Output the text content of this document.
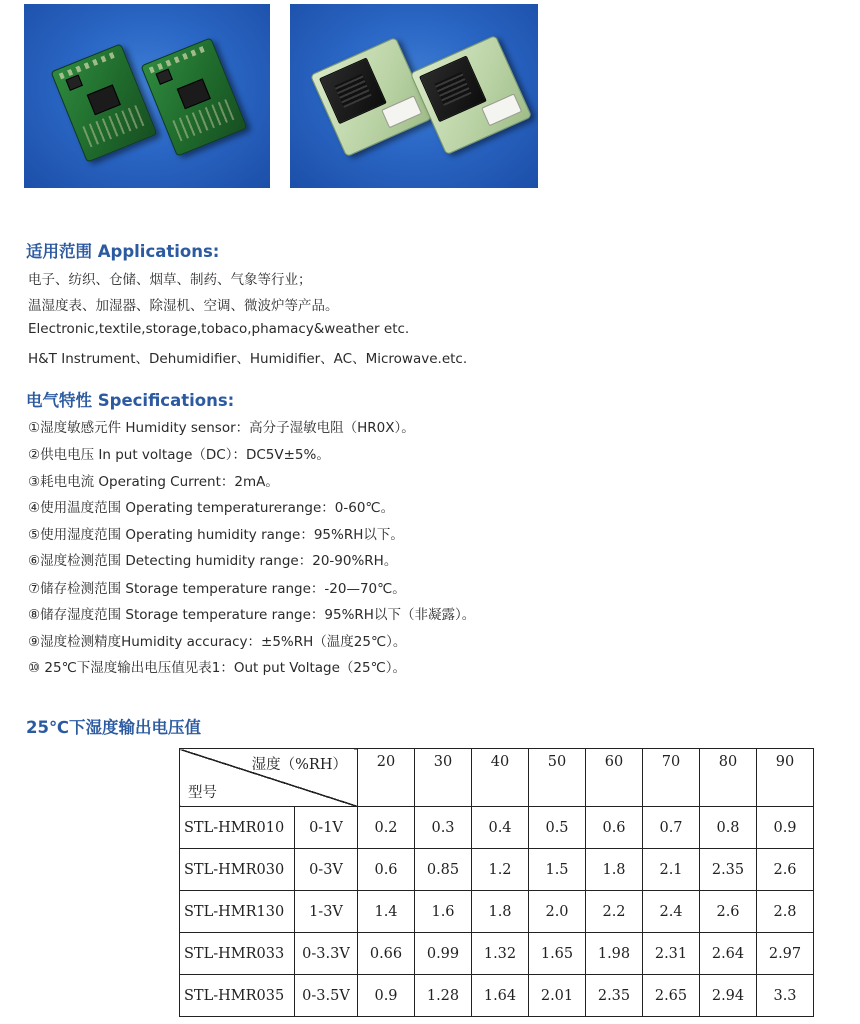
适用范围 Applications:

电子、纺织、仓储、烟草、制药、气象等行业；

温湿度表、加湿器、除湿机、空调、微波炉等产品。

Electronic,textile,storage,tobaco,phamacy&weather etc.

H&T Instrument、Dehumidifier、Humidifier、AC、Microwave.etc.

电气特性 Specifications:

①湿度敏感元件 Humidity sensor：高分子湿敏电阻（HR0X）。

②供电电压 In put voltage（DC）：DC5V±5%。

③耗电电流 Operating Current：2mA。

④使用温度范围 Operating temperaturerange：0-60℃。

⑤使用湿度范围 Operating humidity range：95%RH以下。

⑥湿度检测范围 Detecting humidity range：20-90%RH。

⑦储存检测范围 Storage temperature range：-20—70℃。

⑧储存湿度范围 Storage temperature range：95%RH以下（非凝露）。

⑨湿度检测精度Humidity accuracy：±5%RH（温度25℃）。

⑩ 25℃下湿度输出电压值见表1：Out put Voltage（25℃）。

25℃下湿度输出电压值
湿度（%RH）
型号		20	30	40	50	60	70	80	90
STL-HMR010	0-1V	0.2	0.3	0.4	0.5	0.6	0.7	0.8	0.9
STL-HMR030	0-3V	0.6	0.85	1.2	1.5	1.8	2.1	2.35	2.6
STL-HMR130	1-3V	1.4	1.6	1.8	2.0	2.2	2.4	2.6	2.8
STL-HMR033	0-3.3V	0.66	0.99	1.32	1.65	1.98	2.31	2.64	2.97
STL-HMR035	0-3.5V	0.9	1.28	1.64	2.01	2.35	2.65	2.94	3.3
